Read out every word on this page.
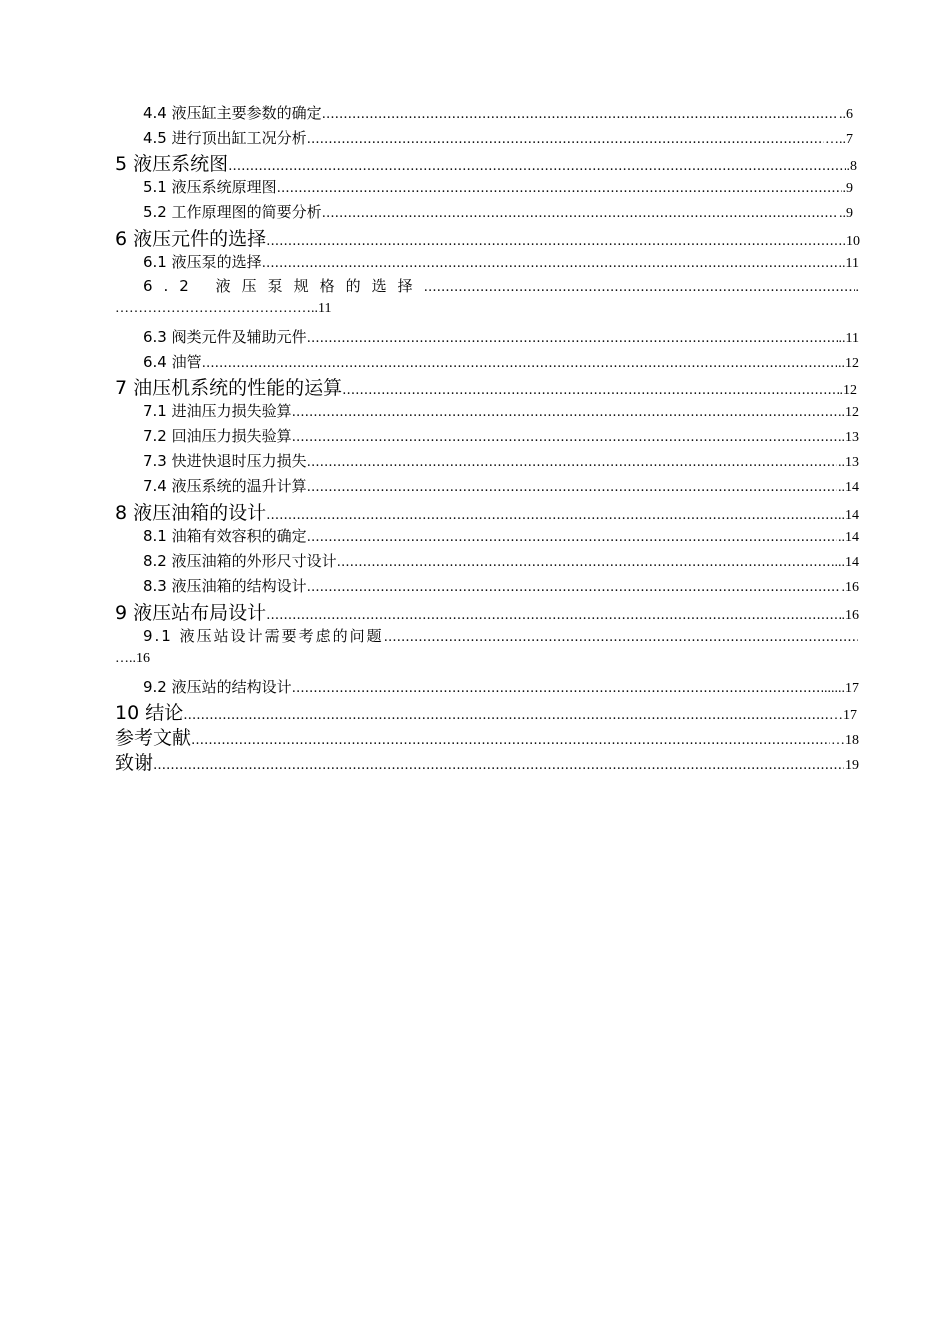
4.4 液压缸主要参数的确定 ……………………………………………………………………………………………………………………………………………………………………………………………………………………	..6
4.5 进行顶出缸工况分析 ……………………………………………………………………………………………………………………………………………………………………………………………………………………	…..7
5 液压系统图 ……………………………………………………………………………………………………………………………………………………………………………………………………………………	.8
5.1 液压系统原理图 ……………………………………………………………………………………………………………………………………………………………………………………………………………………	.9
5.2 工作原理图的简要分析 ……………………………………………………………………………………………………………………………………………………………………………………………………………………	..9
6 液压元件的选择 ……………………………………………………………………………………………………………………………………………………………………………………………………………………	.10
6.1 液压泵的选择 ……………………………………………………………………………………………………………………………………………………………………………………………………………………	..11
6.2 液压泵规格的选择 ……………………………………………………………………………………………………………………………………………………………………………………………………………………	.
……………………………………..11
6.3 阀类元件及辅助元件 ……………………………………………………………………………………………………………………………………………………………………………………………………………………	..11
6.4 油管 ……………………………………………………………………………………………………………………………………………………………………………………………………………………	..12
7 油压机系统的性能的运算 ……………………………………………………………………………………………………………………………………………………………………………………………………………………	.12
7.1 进油压力损失验算 ……………………………………………………………………………………………………………………………………………………………………………………………………………………	..12
7.2 回油压力损失验算 ……………………………………………………………………………………………………………………………………………………………………………………………………………………	..13
7.3 快进快退时压力损失 ……………………………………………………………………………………………………………………………………………………………………………………………………………………	..13
7.4 液压系统的温升计算 ……………………………………………………………………………………………………………………………………………………………………………………………………………………	..14
8 液压油箱的设计 ……………………………………………………………………………………………………………………………………………………………………………………………………………………	..14
8.1 油箱有效容积的确定 ……………………………………………………………………………………………………………………………………………………………………………………………………………………	..14
8.2 液压油箱的外形尺寸设计 ……………………………………………………………………………………………………………………………………………………………………………………………………………………	....14
8.3 液压油箱的结构设计 ……………………………………………………………………………………………………………………………………………………………………………………………………………………	.16
9 液压站布局设计 ……………………………………………………………………………………………………………………………………………………………………………………………………………………	.16
9.1 液压站设计需要考虑的问题
……………………………………………………………………………………………………………………………………………………………………………………………………………………
…..16
9.2 液压站的结构设计 ……………………………………………………………………………………………………………………………………………………………………………………………………………………	......17
10 结论 ……………………………………………………………………………………………………………………………………………………………………………………………………………………	…17
参考文献 ……………………………………………………………………………………………………………………………………………………………………………………………………………………	…18
致谢 ……………………………………………………………………………………………………………………………………………………………………………………………………………………	19
